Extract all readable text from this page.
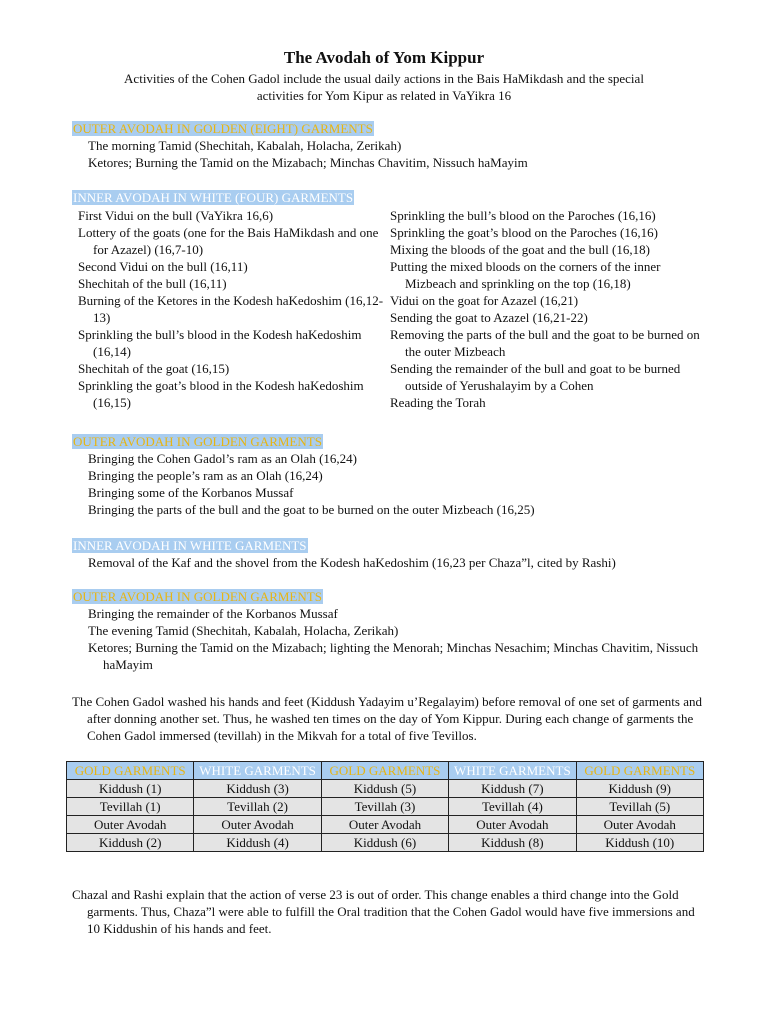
The Avodah of Yom Kippur
Activities of the Cohen Gadol include the usual daily actions in the Bais HaMikdash and the special
activities for Yom Kipur as related in VaYikra 16
OUTER AVODAH IN GOLDEN (EIGHT) GARMENTS
The morning Tamid (Shechitah, Kabalah, Holacha, Zerikah)
Ketores; Burning the Tamid on the Mizabach; Minchas Chavitim, Nissuch haMayim
INNER AVODAH IN WHITE (FOUR) GARMENTS
First Vidui on the bull (VaYikra 16,6)
Lottery of the goats (one for the Bais HaMikdash and one for Azazel) (16,7-10)
Second Vidui on the bull (16,11)
Shechitah of the bull (16,11)
Burning of the Ketores in the Kodesh haKedoshim (16,12-13)
Sprinkling the bull’s blood in the Kodesh haKedoshim (16,14)
Shechitah of the goat (16,15)
Sprinkling the goat’s blood in the Kodesh haKedoshim (16,15)
Sprinkling the bull’s blood on the Paroches (16,16)
Sprinkling the goat’s blood on the Paroches (16,16)
Mixing the bloods of the goat and the bull (16,18)
Putting the mixed bloods on the corners of the inner Mizbeach and sprinkling on the top (16,18)
Vidui on the goat for Azazel (16,21)
Sending the goat to Azazel (16,21-22)
Removing the parts of the bull and the goat to be burned on the outer Mizbeach
Sending the remainder of the bull and goat to be burned outside of Yerushalayim by a Cohen
Reading the Torah
OUTER AVODAH IN GOLDEN GARMENTS
Bringing the Cohen Gadol’s ram as an Olah (16,24)
Bringing the people’s ram as an Olah (16,24)
Bringing some of the Korbanos Mussaf
Bringing the parts of the bull and the goat to be burned on the outer Mizbeach (16,25)
INNER AVODAH IN WHITE GARMENTS
Removal of the Kaf and the shovel from the Kodesh haKedoshim (16,23 per Chaza”l, cited by Rashi)
OUTER AVODAH IN GOLDEN GARMENTS
Bringing the remainder of the Korbanos Mussaf
The evening Tamid (Shechitah, Kabalah, Holacha, Zerikah)
Ketores; Burning the Tamid on the Mizabach; lighting the Menorah; Minchas Nesachim; Minchas Chavitim, Nissuch haMayim
The Cohen Gadol washed his hands and feet (Kiddush Yadayim u’Regalayim) before removal of one set of garments and after donning another set. Thus, he washed ten times on the day of Yom Kippur. During each change of garments the Cohen Gadol immersed (tevillah) in the Mikvah for a total of five Tevillos.
GOLD GARMENTS	WHITE GARMENTS	GOLD GARMENTS	WHITE GARMENTS	GOLD GARMENTS
Kiddush (1)	Kiddush (3)	Kiddush (5)	Kiddush (7)	Kiddush (9)
Tevillah (1)	Tevillah (2)	Tevillah (3)	Tevillah (4)	Tevillah (5)
Outer Avodah	Outer Avodah	Outer Avodah	Outer Avodah	Outer Avodah
Kiddush (2)	Kiddush (4)	Kiddush (6)	Kiddush (8)	Kiddush (10)
Chazal and Rashi explain that the action of verse 23 is out of order. This change enables a third change into the Gold garments. Thus, Chaza”l were able to fulfill the Oral tradition that the Cohen Gadol would have five immersions and 10 Kiddushin of his hands and feet.
